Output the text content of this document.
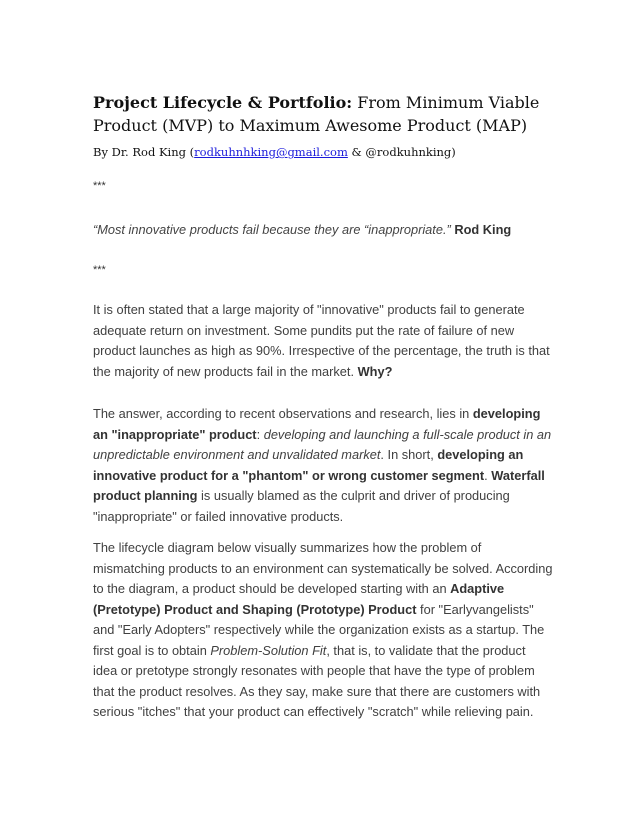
Project Lifecycle & Portfolio: From Minimum Viable Product (MVP) to Maximum Awesome Product (MAP)
By Dr. Rod King (rodkuhnhking@gmail.com & @rodkuhnking)
***
“Most innovative products fail because they are “inappropriate.” Rod King
***

It is often stated that a large majority of "innovative" products fail to generate adequate return on investment. Some pundits put the rate of failure of new product launches as high as 90%. Irrespective of the percentage, the truth is that the majority of new products fail in the market. Why?

The answer, according to recent observations and research, lies in developing an "inappropriate" product: developing and launching a full-scale product in an unpredictable environment and unvalidated market. In short, developing an innovative product for a "phantom" or wrong customer segment. Waterfall product planning is usually blamed as the culprit and driver of producing "inappropriate" or failed innovative products.

The lifecycle diagram below visually summarizes how the problem of mismatching products to an environment can systematically be solved. According to the diagram, a product should be developed starting with an Adaptive (Pretotype) Product and Shaping (Prototype) Product for "Earlyvangelists" and "Early Adopters" respectively while the organization exists as a startup. The first goal is to obtain Problem-Solution Fit, that is, to validate that the product idea or pretotype strongly resonates with people that have the type of problem that the product resolves. As they say, make sure that there are customers with serious "itches" that your product can effectively "scratch" while relieving pain.
